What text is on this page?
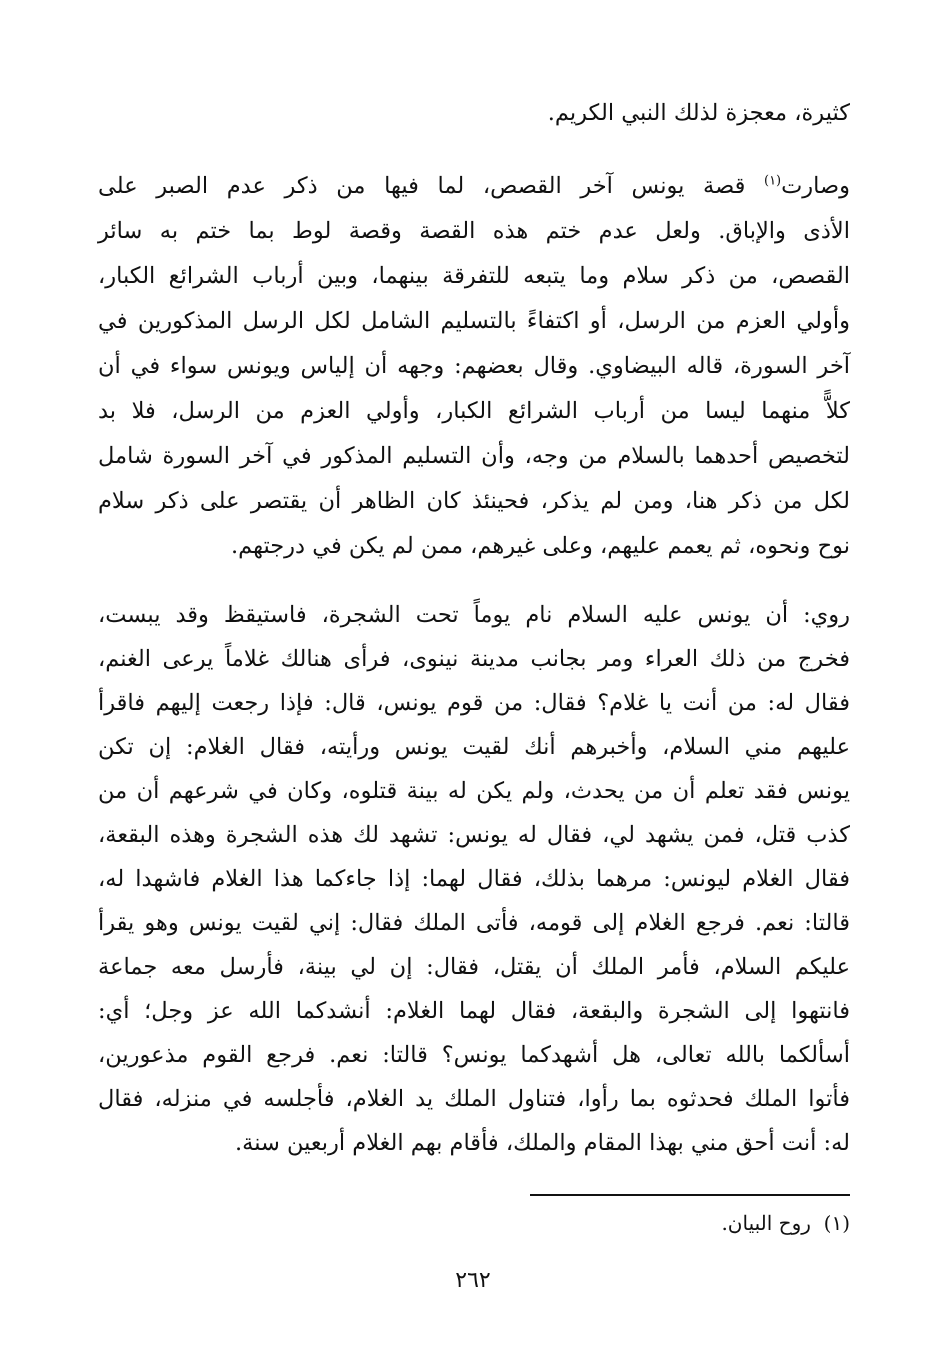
كثيرة، معجزة لذلك النبي الكريم.
وصارت$^{(١)}$ قصة يونس آخر القصص، لما فيها من ذكر عدم الصبر على
الأذى والإباق. ولعل عدم ختم هذه القصة وقصة لوط بما ختم به سائر
القصص، من ذكر سلام وما يتبعه للتفرقة بينهما، وبين أرباب الشرائع الكبار،
وأولي العزم من الرسل، أو اكتفاءً بالتسليم الشامل لكل الرسل المذكورين في
آخر السورة، قاله البيضاوي. وقال بعضهم: وجهه أن إلياس ويونس سواء في أن
كلاًّ منهما ليسا من أرباب الشرائع الكبار، وأولي العزم من الرسل، فلا بد
لتخصيص أحدهما بالسلام من وجه، وأن التسليم المذكور في آخر السورة شامل
لكل من ذكر هنا، ومن لم يذكر، فحينئذ كان الظاهر أن يقتصر على ذكر سلام
نوح ونحوه، ثم يعمم عليهم، وعلى غيرهم، ممن لم يكن في درجتهم.
روي: أن يونس عليه السلام نام يوماً تحت الشجرة، فاستيقظ وقد يبست،
فخرج من ذلك العراء ومر بجانب مدينة نينوى، فرأى هنالك غلاماً يرعى الغنم،
فقال له: من أنت يا غلام؟ فقال: من قوم يونس، قال: فإذا رجعت إليهم فاقرأ
عليهم مني السلام، وأخبرهم أنك لقيت يونس ورأيته، فقال الغلام: إن تكن
يونس فقد تعلم أن من يحدث، ولم يكن له بينة قتلوه، وكان في شرعهم أن من
كذب قتل، فمن يشهد لي، فقال له يونس: تشهد لك هذه الشجرة وهذه البقعة،
فقال الغلام ليونس: مرهما بذلك، فقال لهما: إذا جاءكما هذا الغلام فاشهدا له،
قالتا: نعم. فرجع الغلام إلى قومه، فأتى الملك فقال: إني لقيت يونس وهو يقرأ
عليكم السلام، فأمر الملك أن يقتل، فقال: إن لي بينة، فأرسل معه جماعة
فانتهوا إلى الشجرة والبقعة، فقال لهما الغلام: أنشدكما الله عز وجل؛ أي:
أسألكما بالله تعالى، هل أشهدكما يونس؟ قالتا: نعم. فرجع القوم مذعورين،
فأتوا الملك فحدثوه بما رأوا، فتناول الملك يد الغلام، فأجلسه في منزله، فقال
له: أنت أحق مني بهذا المقام والملك، فأقام بهم الغلام أربعين سنة.
(١)  روح البيان.
٢٦٢
